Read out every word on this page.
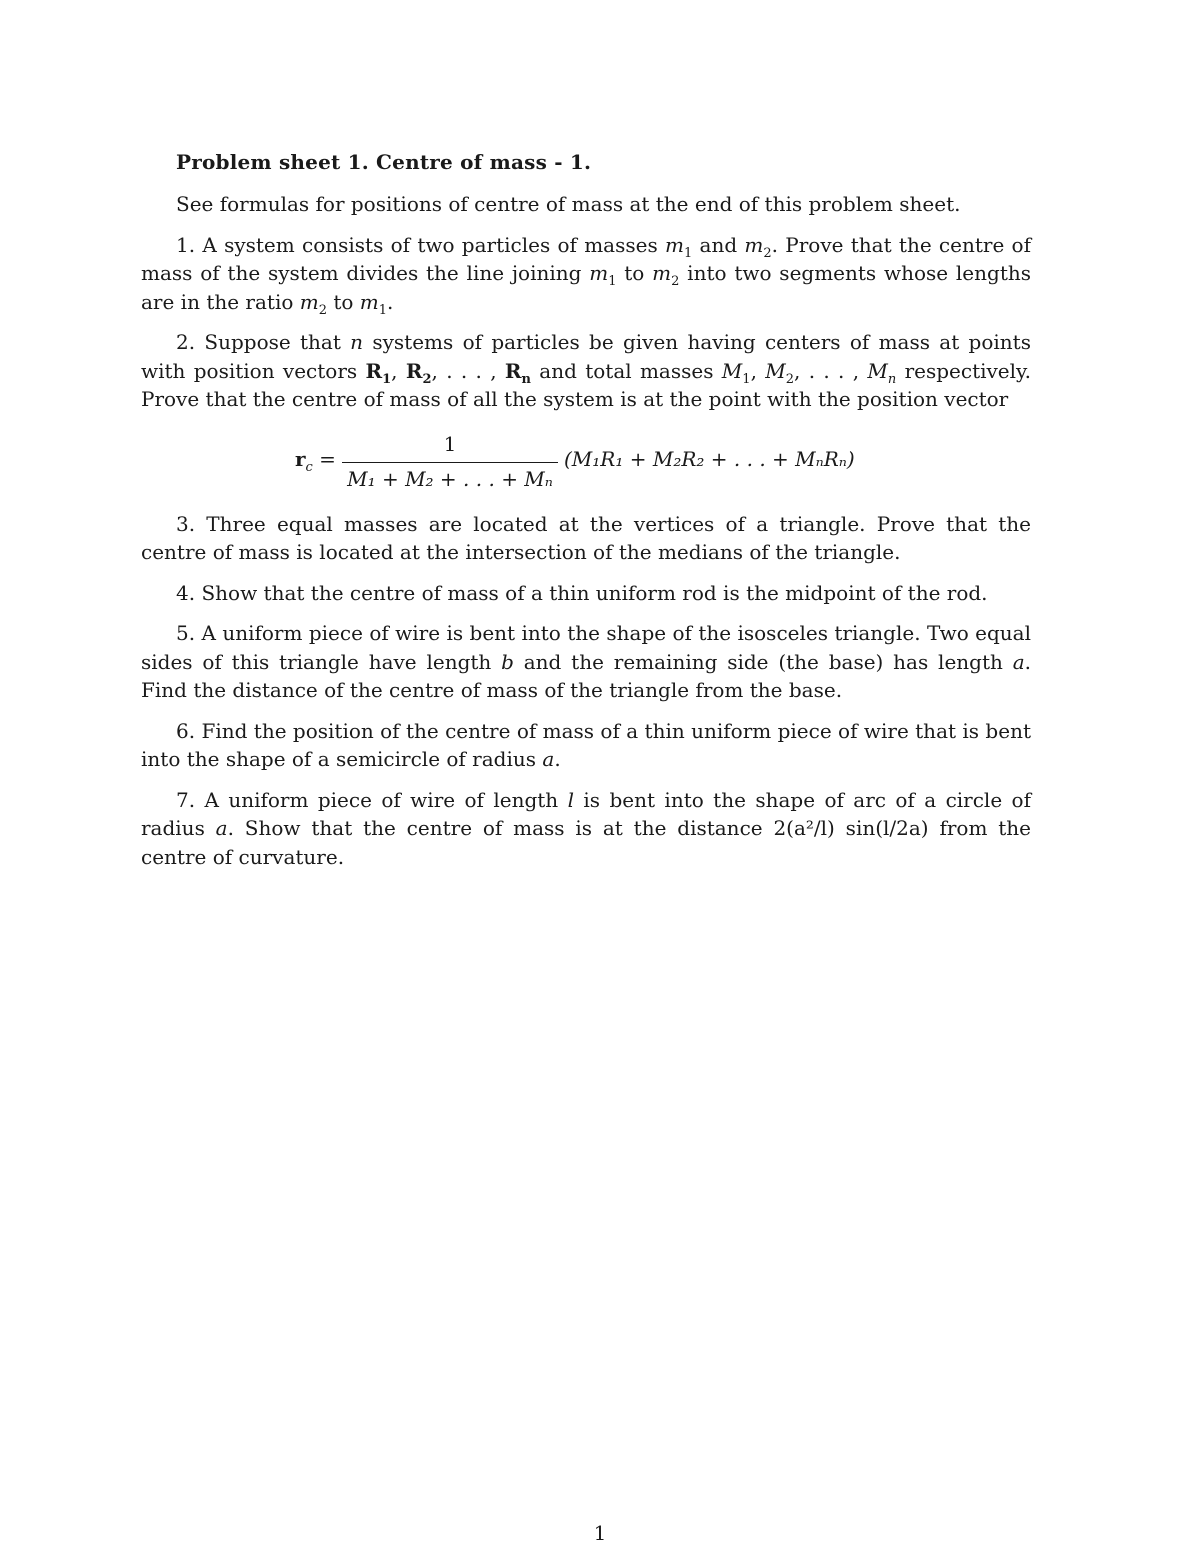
Problem sheet 1. Centre of mass - 1.

See formulas for positions of centre of mass at the end of this problem sheet.

1. A system consists of two particles of masses $m_1$ and $m_2$. Prove that the centre of mass of the system divides the line joining $m_1$ to $m_2$ into two segments whose lengths are in the ratio $m_2$ to $m_1$.

2. Suppose that n systems of particles be given having centers of mass at points with position vectors $R_1$, $R_2$, . . . , $R_n$ and total masses $M_1$, $M_2$, . . . , $M_n$ respectively. Prove that the centre of mass of all the system is at the point with the position vector

$r_c$ =
1
M₁ + M₂ + . . . + Mₙ
(M₁R₁ + M₂R₂ + . . . + MₙRₙ)

3. Three equal masses are located at the vertices of a triangle. Prove that the centre of mass is located at the intersection of the medians of the triangle.

4. Show that the centre of mass of a thin uniform rod is the midpoint of the rod.

5. A uniform piece of wire is bent into the shape of the isosceles triangle. Two equal sides of this triangle have length b and the remaining side (the base) has length a. Find the distance of the centre of mass of the triangle from the base.

6. Find the position of the centre of mass of a thin uniform piece of wire that is bent into the shape of a semicircle of radius a.

7. A uniform piece of wire of length l is bent into the shape of arc of a circle of radius a. Show that the centre of mass is at the distance 2(a²/l) sin(l/2a) from the centre of curvature.

1
